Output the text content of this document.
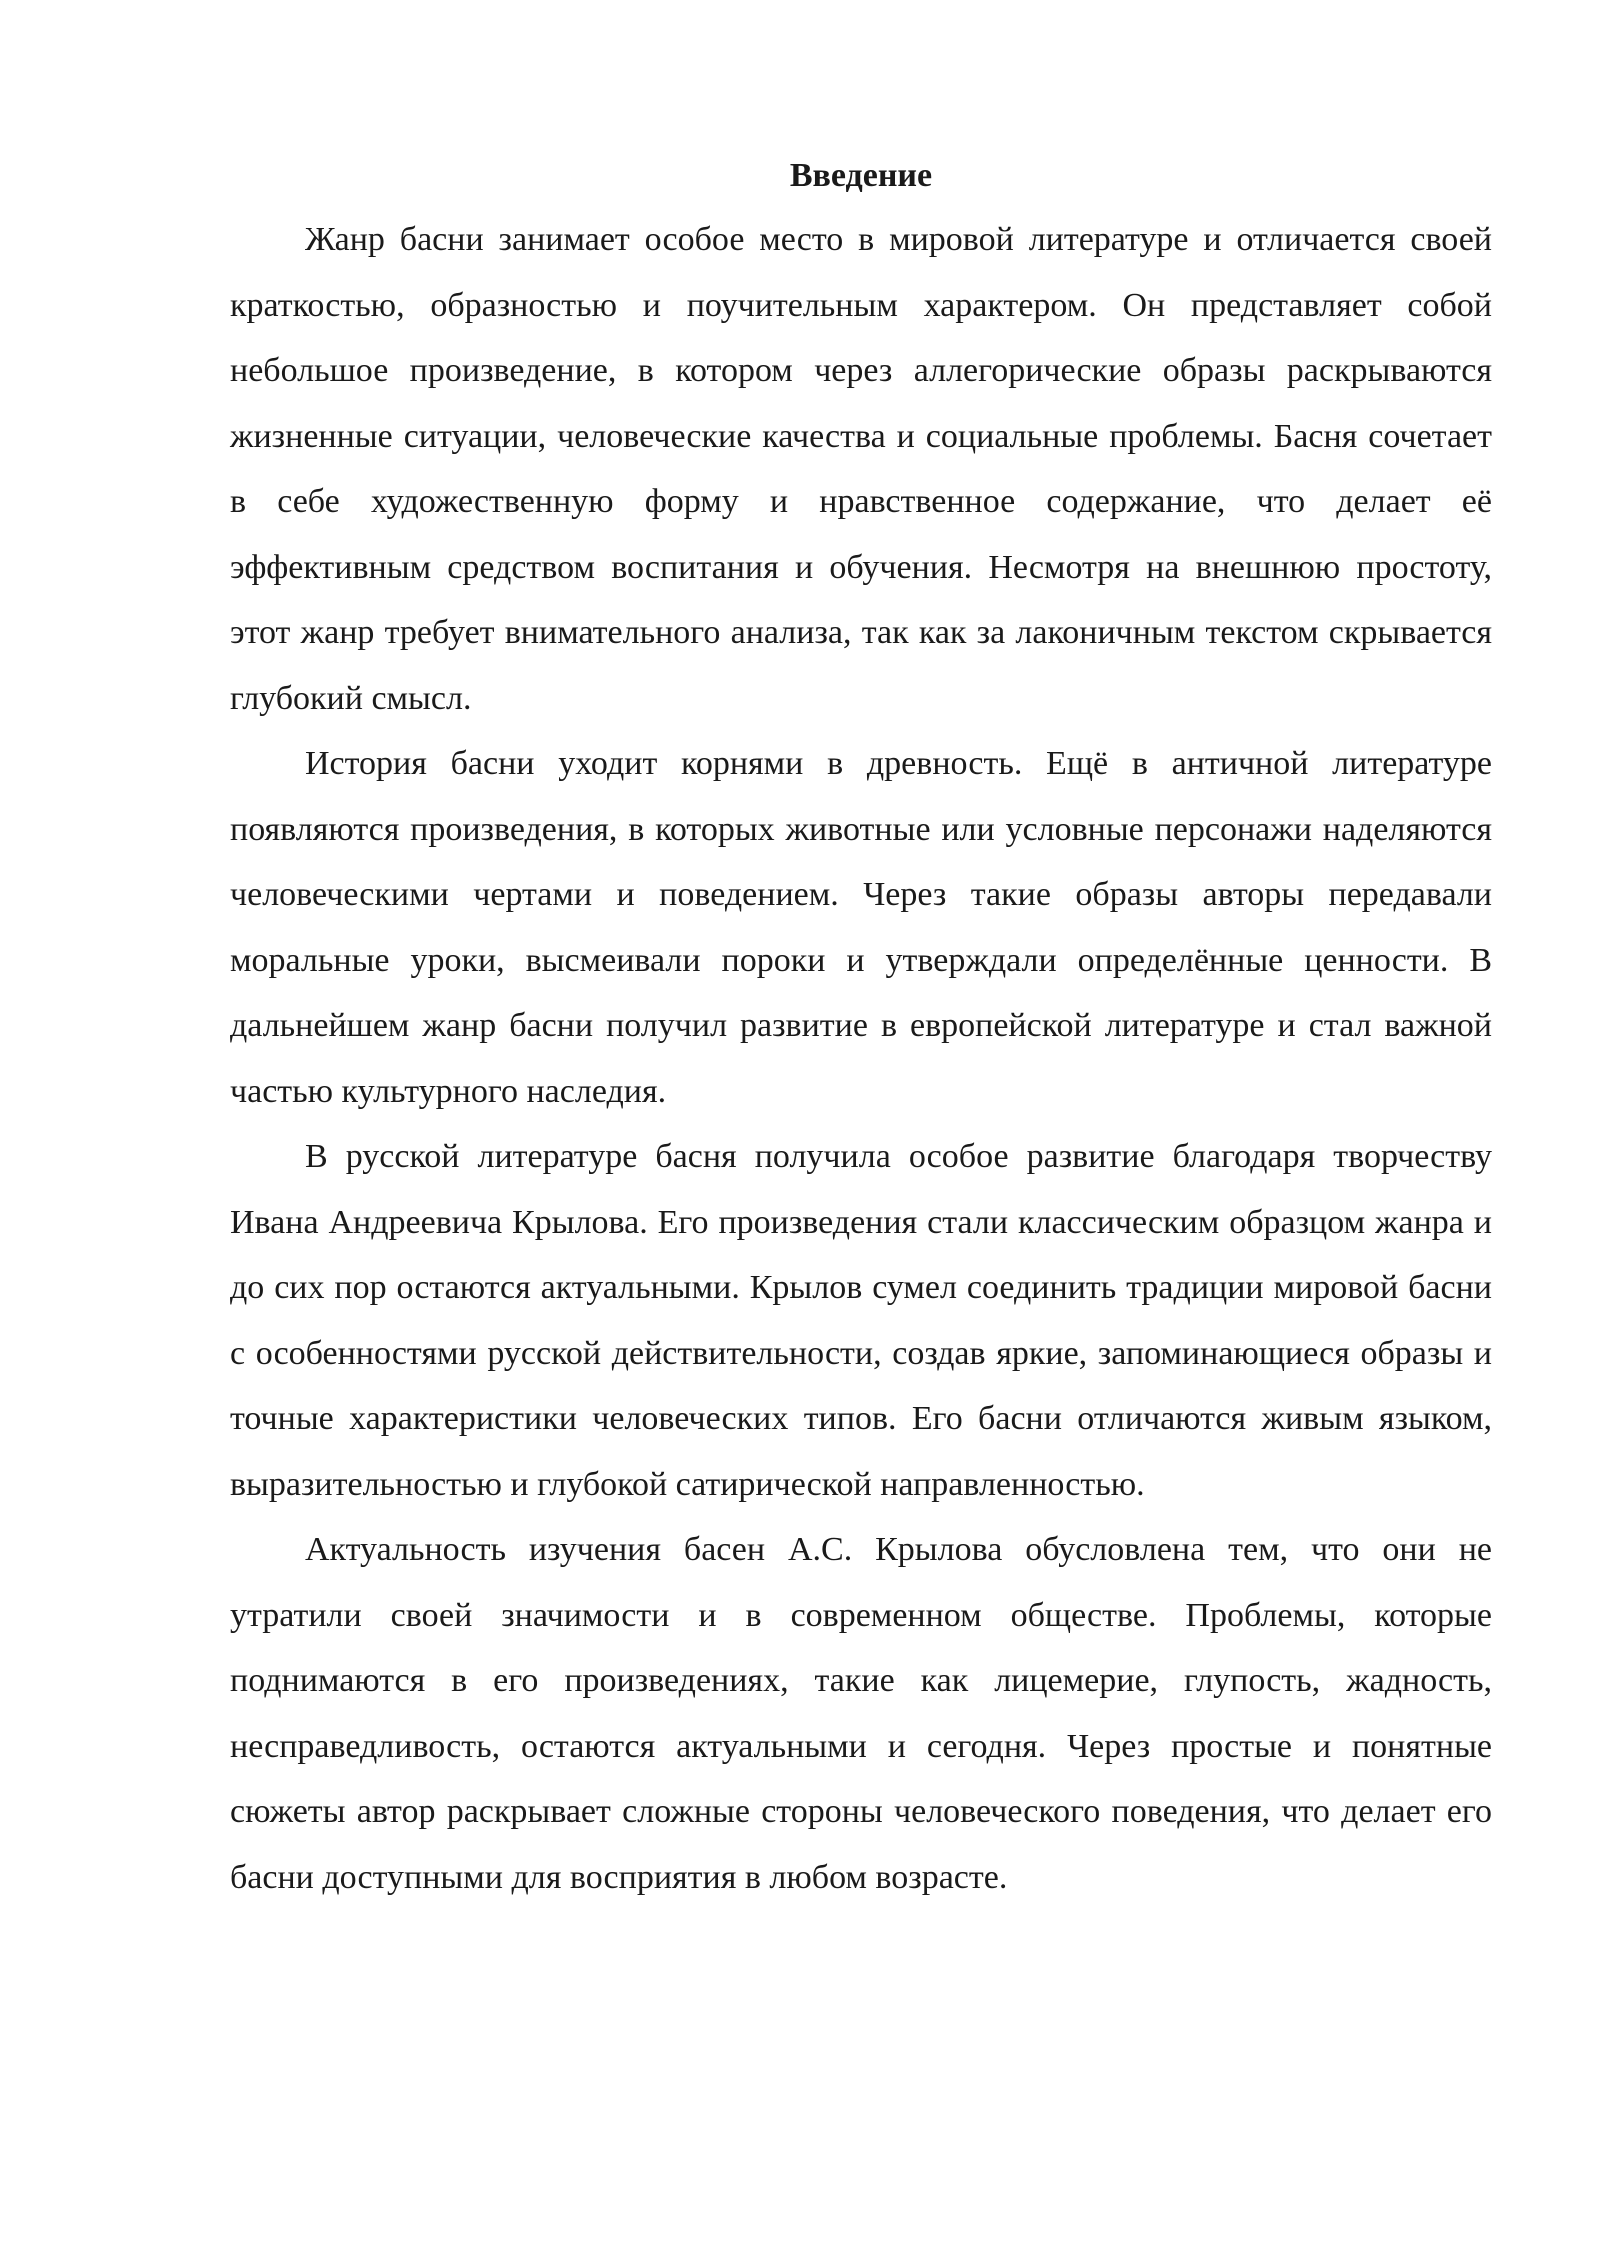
Введение

Жанр басни занимает особое место в мировой литературе и отличается своей краткостью, образностью и поучительным характером. Он представляет собой небольшое произведение, в котором через аллегорические образы раскрываются жизненные ситуации, человеческие качества и социальные проблемы. Басня сочетает в себе художественную форму и нравственное содержание, что делает её эффективным средством воспитания и обучения. Несмотря на внешнюю простоту, этот жанр требует внимательного анализа, так как за лаконичным текстом скрывается глубокий смысл.

История басни уходит корнями в древность. Ещё в античной литературе появляются произведения, в которых животные или условные персонажи наделяются человеческими чертами и поведением. Через такие образы авторы передавали моральные уроки, высмеивали пороки и утверждали определённые ценности. В дальнейшем жанр басни получил развитие в европейской литературе и стал важной частью культурного наследия.

В русской литературе басня получила особое развитие благодаря творчеству Ивана Андреевича Крылова. Его произведения стали классическим образцом жанра и до сих пор остаются актуальными. Крылов сумел соединить традиции мировой басни с особенностями русской действительности, создав яркие, запоминающиеся образы и точные характеристики человеческих типов. Его басни отличаются живым языком, выразительностью и глубокой сатирической направленностью.

Актуальность изучения басен А.С. Крылова обусловлена тем, что они не утратили своей значимости и в современном обществе. Проблемы, которые поднимаются в его произведениях, такие как лицемерие, глупость, жадность, несправедливость, остаются актуальными и сегодня. Через простые и понятные сюжеты автор раскрывает сложные стороны человеческого поведения, что делает его басни доступными для восприятия в любом возрасте.
